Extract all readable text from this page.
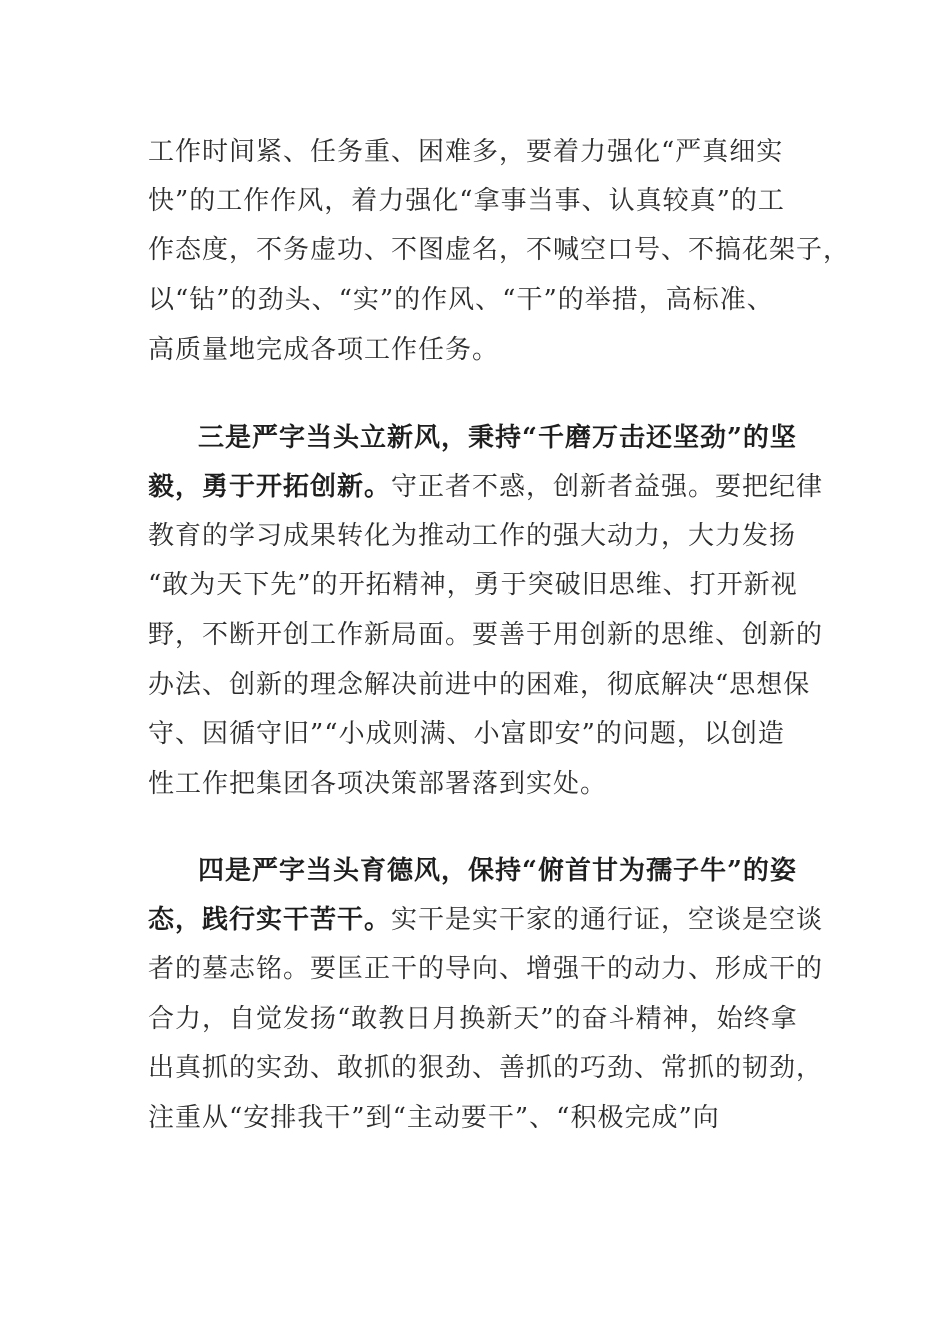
工作时间紧、任务重、困难多，要着力强化“严真细实
快”的工作作风，着力强化“拿事当事、认真较真”的工
作态度，不务虚功、不图虚名，不喊空口号、不搞花架子，
以“钻”的劲头、“实”的作风、“干”的举措，高标准、
高质量地完成各项工作任务。
三是严字当头立新风，秉持“千磨万击还坚劲”的坚
毅，勇于开拓创新。守正者不惑，创新者益强。要把纪律
教育的学习成果转化为推动工作的强大动力，大力发扬
“敢为天下先”的开拓精神，勇于突破旧思维、打开新视
野，不断开创工作新局面。要善于用创新的思维、创新的
办法、创新的理念解决前进中的困难，彻底解决“思想保
守、因循守旧”“小成则满、小富即安”的问题，以创造
性工作把集团各项决策部署落到实处。
四是严字当头育德风，保持“俯首甘为孺子牛”的姿
态，践行实干苦干。实干是实干家的通行证，空谈是空谈
者的墓志铭。要匡正干的导向、增强干的动力、形成干的
合力，自觉发扬“敢教日月换新天”的奋斗精神，始终拿
出真抓的实劲、敢抓的狠劲、善抓的巧劲、常抓的韧劲，
注重从“安排我干”到“主动要干”、“积极完成”向
